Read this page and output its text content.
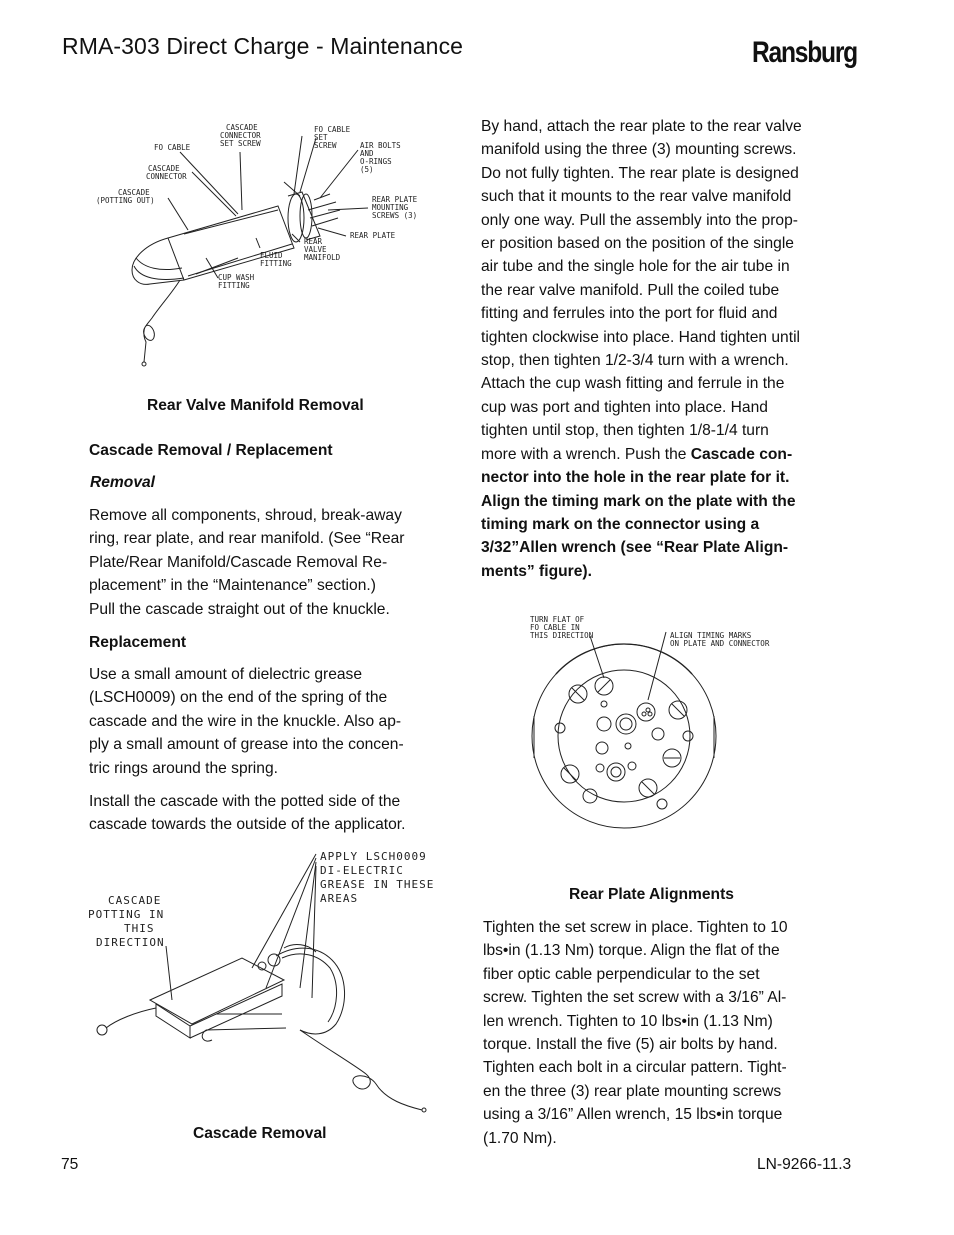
RMA-303 Direct Charge - Maintenance	Ransburg
CASCADE
CONNECTOR
SET SCREW
FO CABLE
CASCADE
CONNECTOR
CASCADE
(POTTING OUT)
FO CABLE
SET
SCREW	AIR BOLTS
AND
O-RINGS
(5)
REAR PLATE
MOUNTING
SCREWS (3)
REAR PLATE
REAR
VALVE
MANIFOLD
FLUID
FITTING
CUP WASH
FITTING
Rear Valve Manifold Removal
Cascade Removal / Replacement
Removal
Remove all components, shroud, break-away
ring, rear plate, and rear manifold. (See “Rear
Plate/Rear Manifold/Cascade Removal Re-
placement” in the “Maintenance” section.)
Pull the cascade straight out of the knuckle.
Replacement
Use a small amount of dielectric grease
(LSCH0009) on the end of the spring of the
cascade and the wire in the knuckle. Also ap-
ply a small amount of grease into the concen-
tric rings around the spring.
Install the cascade with the potted side of the
cascade towards the outside of the applicator.
APPLY LSCH0009
DI-ELECTRIC
GREASE IN THESE
AREAS
CASCADE
POTTING IN
THIS
DIRECTION
Cascade Removal
By hand, attach the rear plate to the rear valve
manifold using the three (3) mounting screws.
Do not fully tighten. The rear plate is designed
such that it mounts to the rear valve manifold
only one way. Pull the assembly into the prop-
er position based on the position of the single
air tube and the single hole for the air tube in
the rear valve manifold. Pull the coiled tube
fitting and ferrules into the port for fluid and
tighten clockwise into place. Hand tighten until
stop, then tighten 1/2-3/4 turn with a wrench.
Attach the cup wash fitting and ferrule in the
cup was port and tighten into place. Hand
tighten until stop, then tighten 1/8-1/4 turn
more with a wrench. Push the Cascade con-
nector into the hole in the rear plate for it.
Align the timing mark on the plate with the
timing mark on the connector using a
3/32”Allen wrench (see “Rear Plate Align-
ments” figure).
TURN FLAT OF
FO CABLE IN
THIS DIRECTION	ALIGN TIMING MARKS
ON PLATE AND CONNECTOR
Rear Plate Alignments
Tighten the set screw in place. Tighten to 10
lbs•in (1.13 Nm) torque. Align the flat of the
fiber optic cable perpendicular to the set
screw. Tighten the set screw with a 3/16” Al-
len wrench. Tighten to 10 lbs•in (1.13 Nm)
torque. Install the five (5) air bolts by hand.
Tighten each bolt in a circular pattern. Tight-
en the three (3) rear plate mounting screws
using a 3/16” Allen wrench, 15 lbs•in torque
(1.70 Nm).
75	LN-9266-11.3
